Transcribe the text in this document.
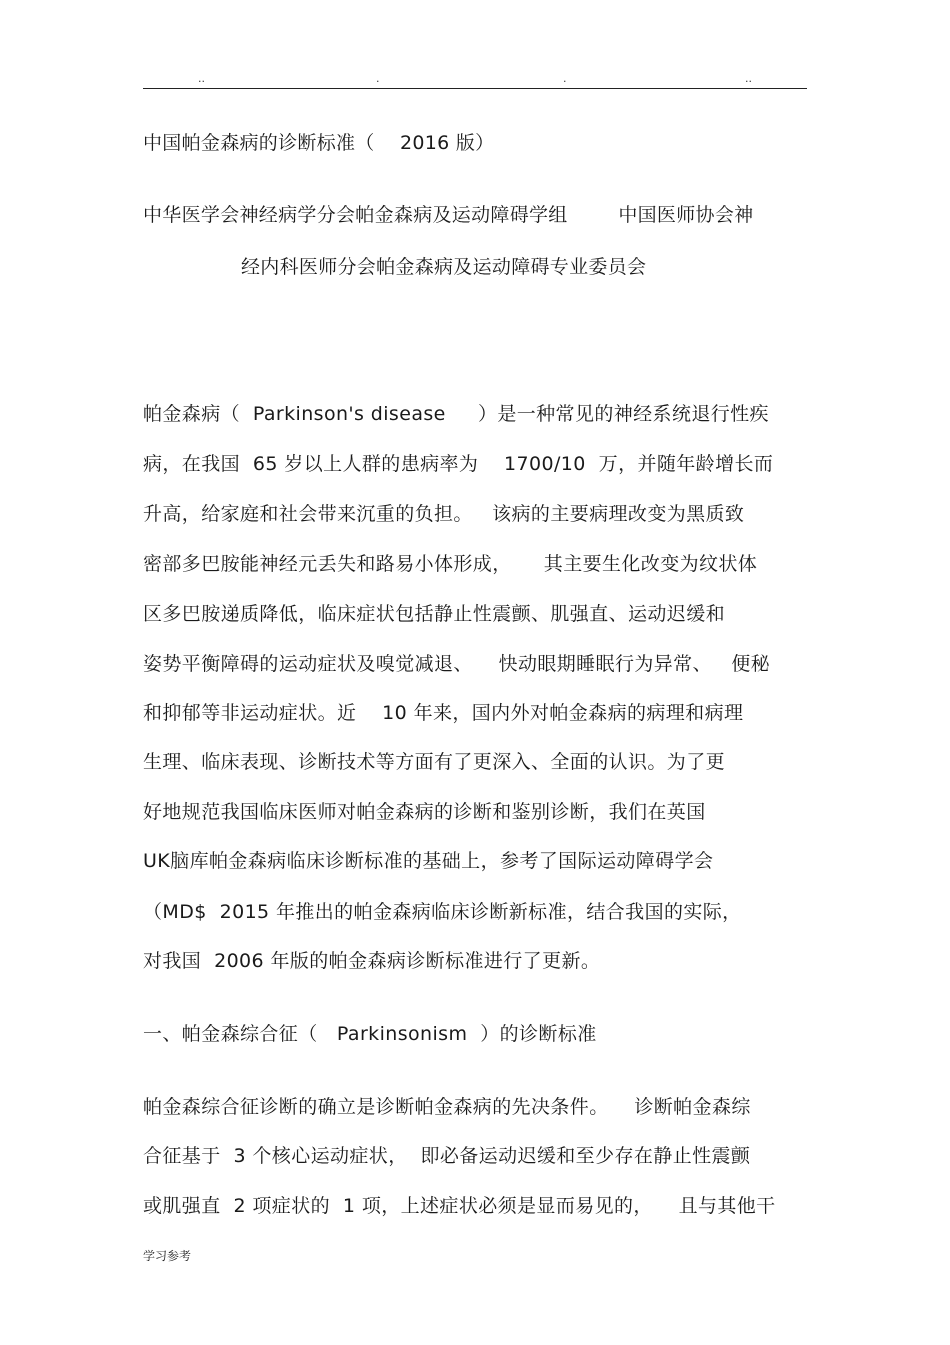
..	.	.	..
中国帕金森病的诊断标准（    2016 版）
中华医学会神经病学分会帕金森病及运动障碍学组        中国医师协会神
经内科医师分会帕金森病及运动障碍专业委员会
帕金森病（  Parkinson's disease     ）是一种常见的神经系统退行性疾
病，在我国  65 岁以上人群的患病率为    1700/10  万，并随年龄增长而
升高，给家庭和社会带来沉重的负担。   该病的主要病理改变为黑质致
密部多巴胺能神经元丢失和路易小体形成，     其主要生化改变为纹状体
区多巴胺递质降低，临床症状包括静止性震颤、肌强直、运动迟缓和
姿势平衡障碍的运动症状及嗅觉减退、    快动眼期睡眠行为异常、   便秘
和抑郁等非运动症状。近    10 年来，国内外对帕金森病的病理和病理
生理、临床表现、诊断技术等方面有了更深入、全面的认识。为了更
好地规范我国临床医师对帕金森病的诊断和鉴别诊断，我们在英国
UK脑库帕金森病临床诊断标准的基础上，参考了国际运动障碍学会
（MD$  2015 年推出的帕金森病临床诊断新标准，结合我国的实际，
对我国  2006 年版的帕金森病诊断标准进行了更新。
一、帕金森综合征（   Parkinsonism  ）的诊断标准
帕金森综合征诊断的确立是诊断帕金森病的先决条件。    诊断帕金森综
合征基于  3 个核心运动症状，  即必备运动迟缓和至少存在静止性震颤
或肌强直  2 项症状的  1 项，上述症状必须是显而易见的，    且与其他干
学习参考
